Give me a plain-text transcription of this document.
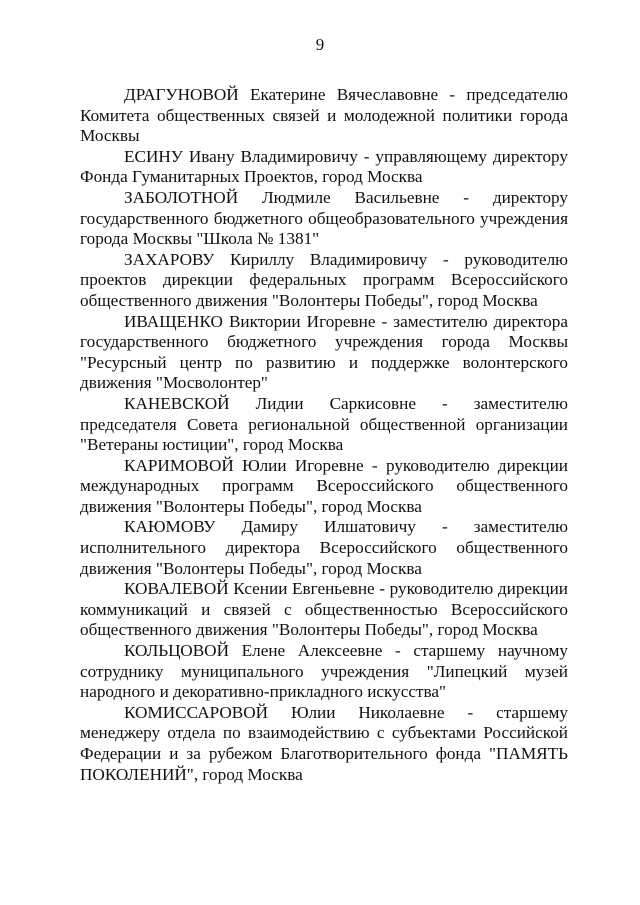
9

ДРАГУНОВОЙ Екатерине Вячеславовне - председателю Комитета общественных связей и молодежной политики города Москвы

ЕСИНУ Ивану Владимировичу - управляющему директору Фонда Гуманитарных Проектов, город Москва

ЗАБОЛОТНОЙ Людмиле Васильевне - директору государственного бюджетного общеобразовательного учреждения города Москвы "Школа № 1381"

ЗАХАРОВУ Кириллу Владимировичу - руководителю проектов дирекции федеральных программ Всероссийского общественного движения "Волонтеры Победы", город Москва

ИВАЩЕНКО Виктории Игоревне - заместителю директора государственного бюджетного учреждения города Москвы "Ресурсный центр по развитию и поддержке волонтерского движения "Мосволонтер"

КАНЕВСКОЙ Лидии Саркисовне - заместителю председателя Совета региональной общественной организации "Ветераны юстиции", город Москва

КАРИМОВОЙ Юлии Игоревне - руководителю дирекции международных программ Всероссийского общественного движения "Волонтеры Победы", город Москва

КАЮМОВУ Дамиру Илшатовичу - заместителю исполнительного директора Всероссийского общественного движения "Волонтеры Победы", город Москва

КОВАЛЕВОЙ Ксении Евгеньевне - руководителю дирекции коммуникаций и связей с общественностью Всероссийского общественного движения "Волонтеры Победы", город Москва

КОЛЬЦОВОЙ Елене Алексеевне - старшему научному сотруднику муниципального учреждения "Липецкий музей народного и декоративно-прикладного искусства"

КОМИССАРОВОЙ Юлии Николаевне - старшему менеджеру отдела по взаимодействию с субъектами Российской Федерации и за рубежом Благотворительного фонда "ПАМЯТЬ ПОКОЛЕНИЙ", город Москва
